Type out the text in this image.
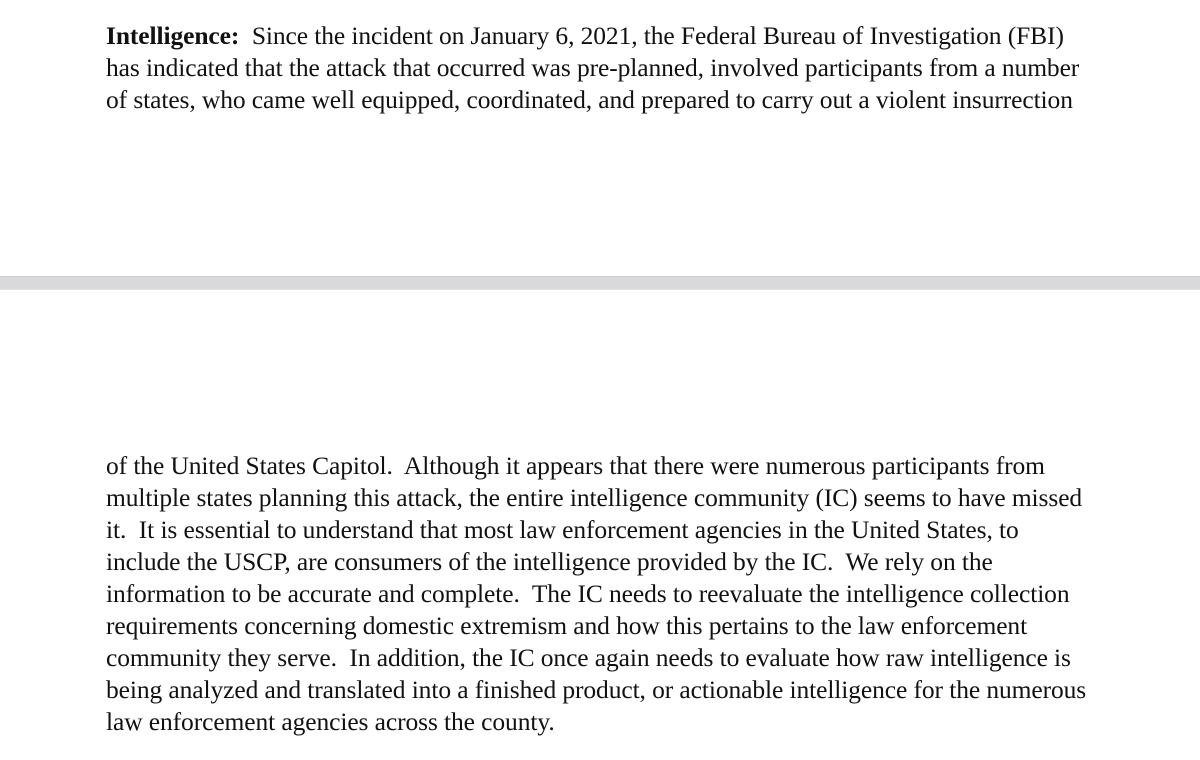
Intelligence: Since the incident on January 6, 2021, the Federal Bureau of Investigation (FBI)
has indicated that the attack that occurred was pre-planned, involved participants from a number
of states, who came well equipped, coordinated, and prepared to carry out a violent insurrection

of the United States Capitol.  Although it appears that there were numerous participants from
multiple states planning this attack, the entire intelligence community (IC) seems to have missed
it.  It is essential to understand that most law enforcement agencies in the United States, to
include the USCP, are consumers of the intelligence provided by the IC.  We rely on the
information to be accurate and complete.  The IC needs to reevaluate the intelligence collection
requirements concerning domestic extremism and how this pertains to the law enforcement
community they serve.  In addition, the IC once again needs to evaluate how raw intelligence is
being analyzed and translated into a finished product, or actionable intelligence for the numerous
law enforcement agencies across the county.
